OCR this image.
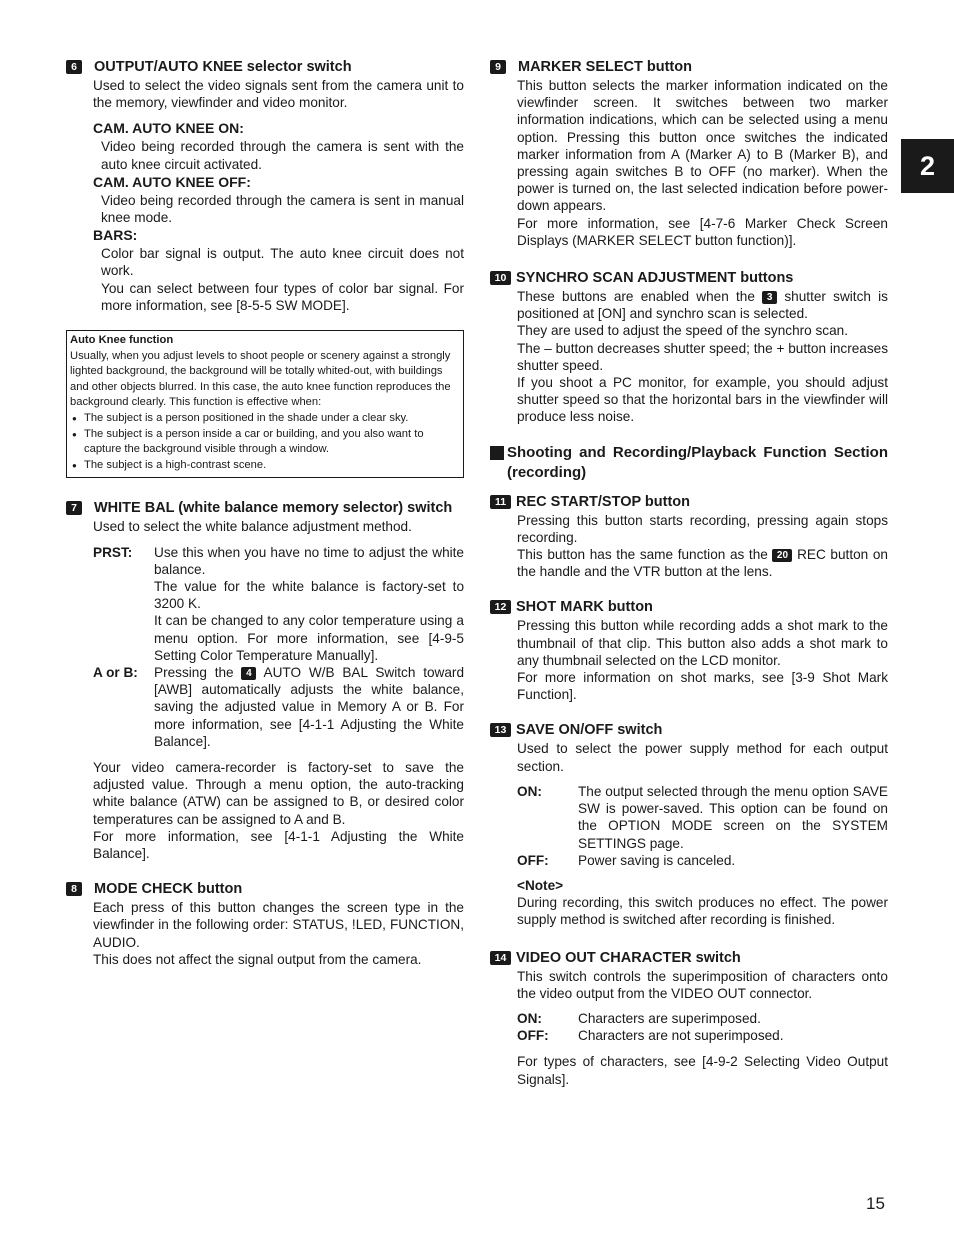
2
6	OUTPUT/AUTO KNEE selector switch

Used to select the video signals sent from the camera unit to the memory, viewfinder and video monitor.

CAM. AUTO KNEE ON:

Video being recorded through the camera is sent with the auto knee circuit activated.

CAM. AUTO KNEE OFF:

Video being recorded through the camera is sent in manual knee mode.

BARS:

Color bar signal is output. The auto knee circuit does not work.

You can select between four types of color bar signal. For more information, see [8-5-5 SW MODE].

Auto Knee function

Usually, when you adjust levels to shoot people or scenery against a strongly lighted background, the background will be totally whited-out, with buildings and other objects blurred. In this case, the auto knee function reproduces the background clearly. This function is effective when:

● The subject is a person positioned in the shade under a clear sky.
● The subject is a person inside a car or building, and you also want to capture the background visible through a window.
● The subject is a high-contrast scene.
7	WHITE BAL (white balance memory selector) switch

Used to select the white balance adjustment method.

PRST:	Use this when you have no time to adjust the white balance.

The value for the white balance is factory-set to 3200 K.

It can be changed to any color temperature using a menu option. For more information, see [4-9-5 Setting Color Temperature Manually].

A or B:	Pressing the 4 AUTO W/B BAL Switch toward [AWB] automatically adjusts the white balance, saving the adjusted value in Memory A or B. For more information, see [4-1-1 Adjusting the White Balance].

Your video camera-recorder is factory-set to save the adjusted value. Through a menu option, the auto-tracking white balance (ATW) can be assigned to B, or desired color temperatures can be assigned to A and B.

For more information, see [4-1-1 Adjusting the White Balance].

8	MODE CHECK button

Each press of this button changes the screen type in the viewfinder in the following order: STATUS, !LED, FUNCTION, AUDIO.

This does not affect the signal output from the camera.

9	MARKER SELECT button

This button selects the marker information indicated on the viewfinder screen. It switches between two marker information indications, which can be selected using a menu option. Pressing this button once switches the indicated marker information from A (Marker A) to B (Marker B), and pressing again switches B to OFF (no marker). When the power is turned on, the last selected indication before power-down appears.

For more information, see [4-7-6 Marker Check Screen Displays (MARKER SELECT button function)].

10 SYNCHRO SCAN ADJUSTMENT buttons

These buttons are enabled when the 3 shutter switch is positioned at [ON] and synchro scan is selected.

They are used to adjust the speed of the synchro scan.

The – button decreases shutter speed; the + button increases shutter speed.

If you shoot a PC monitor, for example, you should adjust shutter speed so that the horizontal bars in the viewfinder will produce less noise.

Shooting and Recording/Playback Function Section (recording)
11 REC START/STOP button

Pressing this button starts recording, pressing again stops recording.

This button has the same function as the 20 REC button on the handle and the VTR button at the lens.

12 SHOT MARK button

Pressing this button while recording adds a shot mark to the thumbnail of that clip. This button also adds a shot mark to any thumbnail selected on the LCD monitor.

For more information on shot marks, see [3-9 Shot Mark Function].

13 SAVE ON/OFF switch

Used to select the power supply method for each output section.

ON:	The output selected through the menu option SAVE SW is power-saved. This option can be found on the OPTION MODE screen on the SYSTEM SETTINGS page.

OFF:	Power saving is canceled.

<Note>

During recording, this switch produces no effect. The power supply method is switched after recording is finished.

14 VIDEO OUT CHARACTER switch

This switch controls the superimposition of characters onto the video output from the VIDEO OUT connector.

ON:	Characters are superimposed.

OFF:	Characters are not superimposed.

For types of characters, see [4-9-2 Selecting Video Output Signals].

15
